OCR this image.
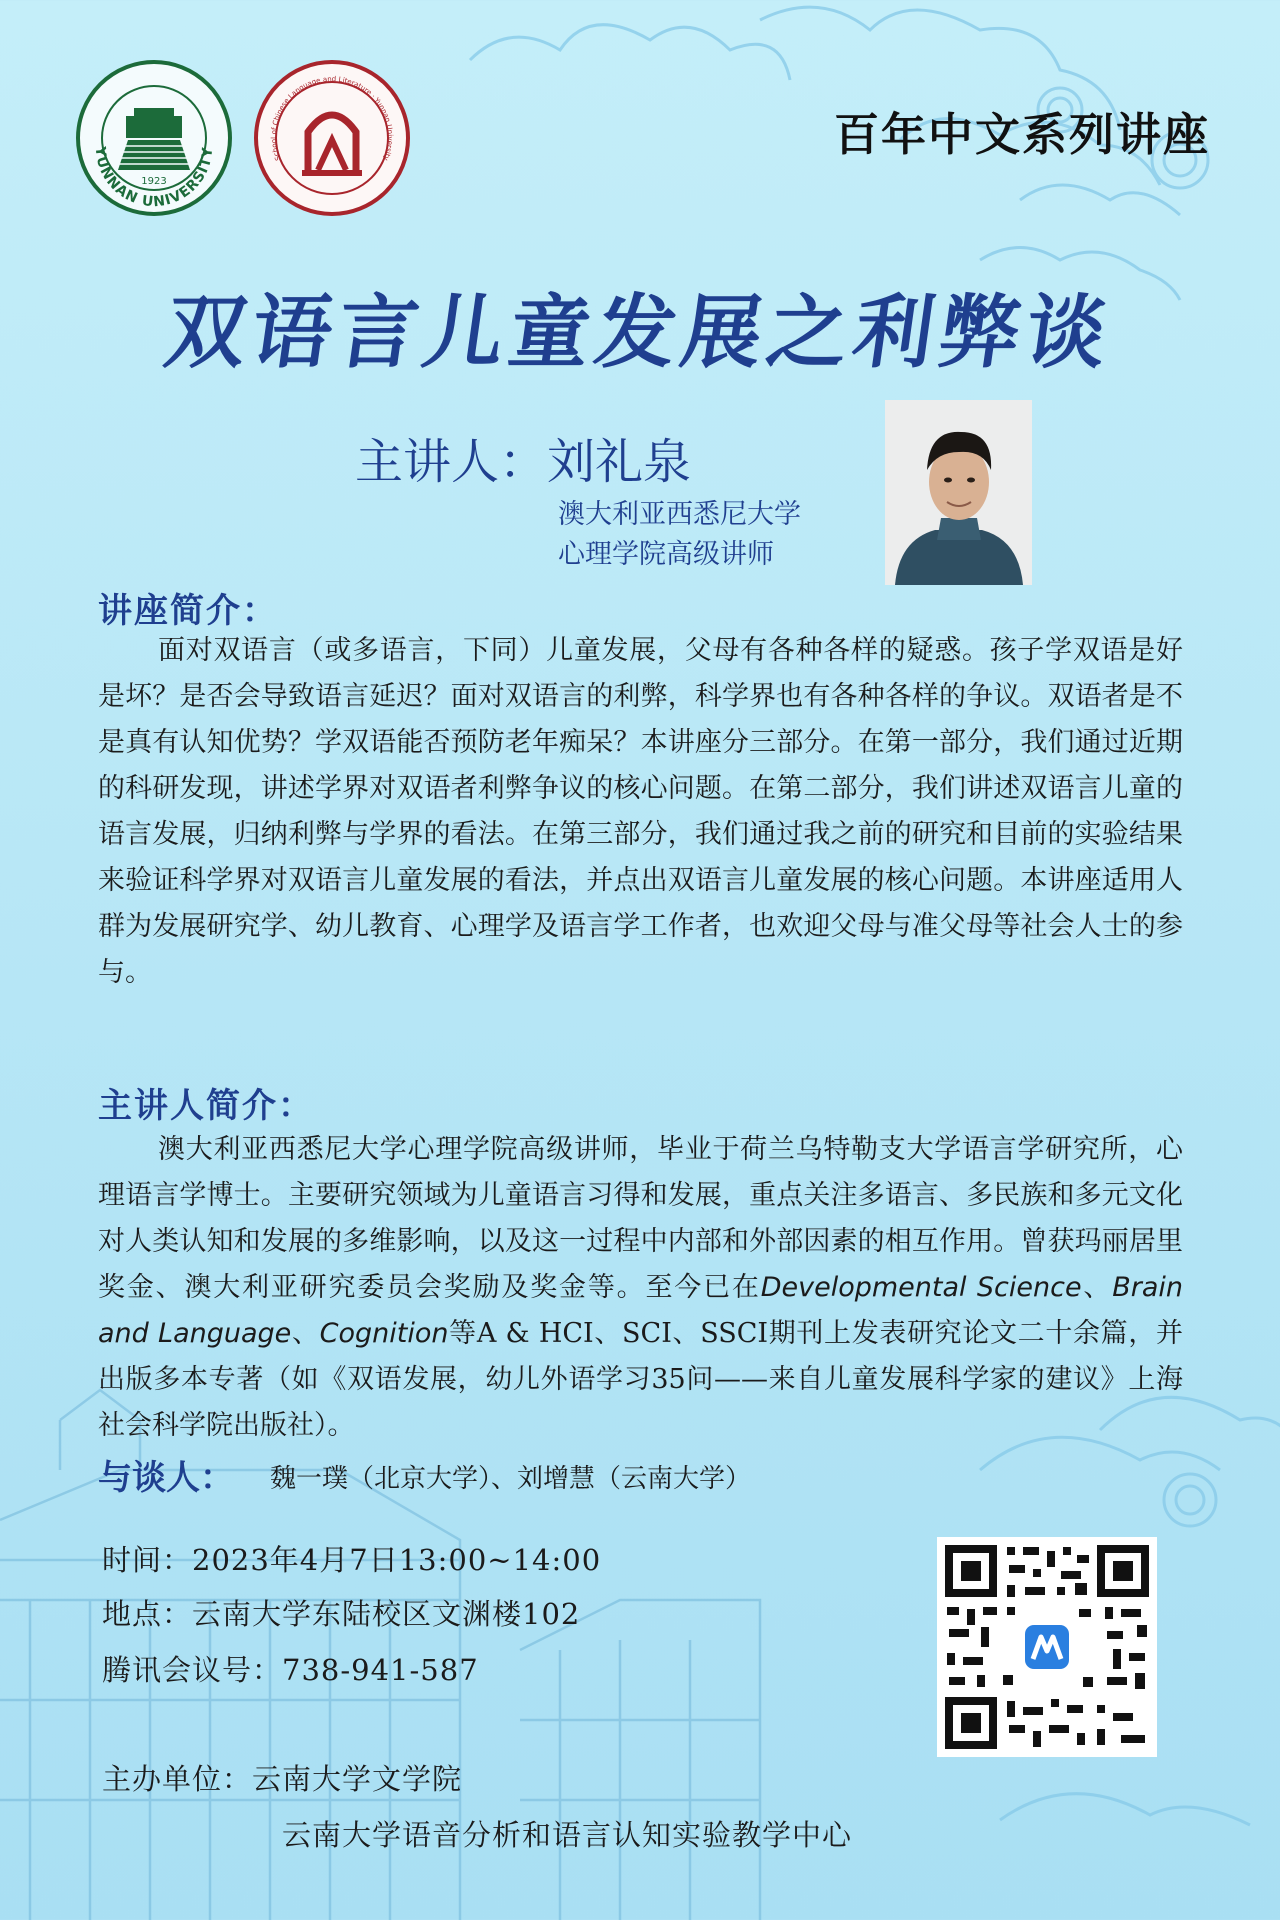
YUNNAN UNIVERSITY
1923
School of Chinese Language and Literature · Yunnan University	百年中文系列讲座
双语言儿童发展之利弊谈
主讲人：刘礼泉
澳大利亚西悉尼大学
心理学院高级讲师
讲座简介：
面对双语言（或多语言，下同）儿童发展，父母有各种各样的疑惑。孩子学双语是好是坏？是否会导致语言延迟？面对双语言的利弊，科学界也有各种各样的争议。双语者是不是真有认知优势？学双语能否预防老年痴呆？本讲座分三部分。在第一部分，我们通过近期的科研发现，讲述学界对双语者利弊争议的核心问题。在第二部分，我们讲述双语言儿童的语言发展，归纳利弊与学界的看法。在第三部分，我们通过我之前的研究和目前的实验结果来验证科学界对双语言儿童发展的看法，并点出双语言儿童发展的核心问题。本讲座适用人群为发展研究学、幼儿教育、心理学及语言学工作者，也欢迎父母与准父母等社会人士的参与。
主讲人简介：
澳大利亚西悉尼大学心理学院高级讲师，毕业于荷兰乌特勒支大学语言学研究所，心理语言学博士。主要研究领域为儿童语言习得和发展，重点关注多语言、多民族和多元文化对人类认知和发展的多维影响，以及这一过程中内部和外部因素的相互作用。曾获玛丽居里奖金、澳大利亚研究委员会奖励及奖金等。至今已在Developmental Science、Brain and Language、Cognition等A & HCI、SCI、SSCI期刊上发表研究论文二十余篇，并出版多本专著（如《双语发展，幼儿外语学习35问——来自儿童发展科学家的建议》上海社会科学院出版社）。
与谈人： 魏一璞（北京大学）、刘增慧（云南大学）
时间：2023年4月7日13:00~14:00
地点：云南大学东陆校区文渊楼102
腾讯会议号：738-941-587
主办单位：云南大学文学院
云南大学语音分析和语言认知实验教学中心
